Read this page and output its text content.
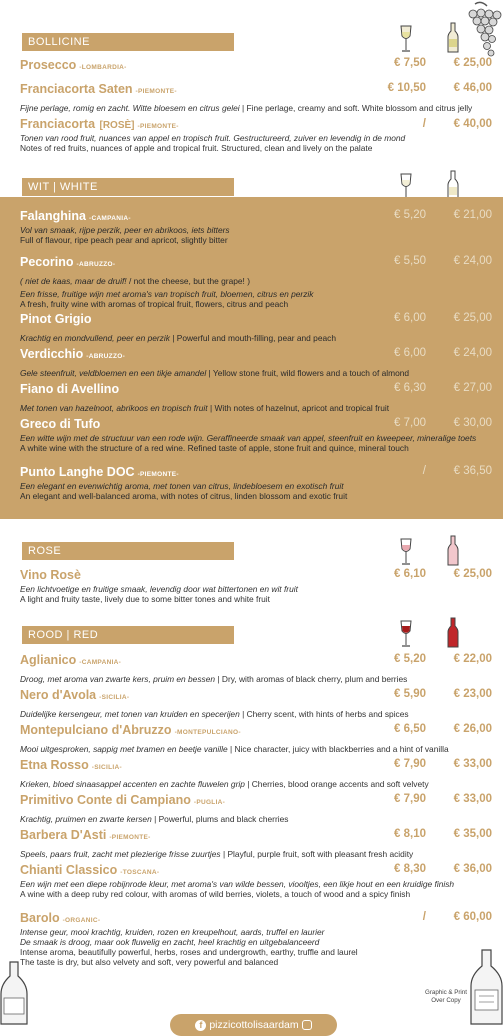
BOLLICINE
Prosecco -LOMBARDIA-	€ 7,50	€ 25,00
Franciacorta Saten -PIEMONTE-
Fijne perlage, romig en zacht. Witte bloesem en citrus gelei | Fine perlage, creamy and soft. White blossom and citrus jelly
€ 10,50	€ 46,00
Franciacorta [ROSÈ] -PIEMONTE-
Tonen van rood fruit, nuances van appel en tropisch fruit. Gestructureerd, zuiver en levendig in de mond
Notes of red fruits, nuances of apple and tropical fruit. Structured, clean and lively on the palate
/	€ 40,00
WIT | WHITE
Falanghina -CAMPANIA-
Vol van smaak, rijpe perzik, peer en abrikoos, iets bitters
Full of flavour, ripe peach pear and apricot, slightly bitter
€ 5,20	€ 21,00
Pecorino -ABRUZZO-
( niet de kaas, maar de druif! / not the cheese, but the grape! )
Een frisse, fruitige wijn met aroma's van tropisch fruit, bloemen, citrus en perzik
A fresh, fruity wine with aromas of tropical fruit, flowers, citrus and peach
€ 5,50	€ 24,00
Pinot Grigio
Krachtig en mondvullend, peer en perzik | Powerful and mouth-filling, pear and peach
€ 6,00	€ 25,00
Verdicchio -ABRUZZO-
Gele steenfruit, veldbloemen en een tikje amandel | Yellow stone fruit, wild flowers and a touch of almond
€ 6,00	€ 24,00
Fiano di Avellino
Met tonen van hazelnoot, abrikoos en tropisch fruit | With notes of hazelnut, apricot and tropical fruit
€ 6,30	€ 27,00
Greco di Tufo
Een witte wijn met de structuur van een rode wijn. Geraffineerde smaak van appel, steenfruit en kweepeer, mineralige toets
A white wine with the structure of a red wine. Refined taste of apple, stone fruit and quince, mineral touch
€ 7,00	€ 30,00
Punto Langhe DOC -PIEMONTE-
Een elegant en evenwichtig aroma, met tonen van citrus, lindebloesem en exotisch fruit
An elegant and well-balanced aroma, with notes of citrus, linden blossom and exotic fruit
/	€ 36,50
ROSE
Vino Rosè
Een lichtvoetige en fruitige smaak, levendig door wat bittertonen en wit fruit
A light and fruity taste, lively due to some bitter tones and white fruit
€ 6,10	€ 25,00
ROOD | RED
Aglianico -CAMPANIA-
Droog, met aroma van zwarte kers, pruim en bessen | Dry, with aromas of black cherry, plum and berries
€ 5,20	€ 22,00
Nero d'Avola -SICILIA-
Duidelijke kersengeur, met tonen van kruiden en specerijen | Cherry scent, with hints of herbs and spices
€ 5,90	€ 23,00
Montepulciano d'Abruzzo -MONTEPULCIANO-
Mooi uitgesproken, sappig met bramen en beetje vanille | Nice character, juicy with blackberries and a hint of vanilla
€ 6,50	€ 26,00
Etna Rosso -SICILIA-
Krieken, bloed sinaasappel accenten en zachte fluwelen grip | Cherries, blood orange accents and soft velvety
€ 7,90	€ 33,00
Primitivo Conte di Campiano -PUGLIA-
Krachtig, pruimen en zwarte kersen | Powerful, plums and black cherries
€ 7,90	€ 33,00
Barbera D'Asti -PIEMONTE-
Speels, paars fruit, zacht met plezierige frisse zuurtjes | Playful, purple fruit, soft with pleasant fresh acidity
€ 8,10	€ 35,00
Chianti Classico -TOSCANA-
Een wijn met een diepe robijnrode kleur, met aroma's van wilde bessen, viooltjes, een likje hout en een kruidige finish
A wine with a deep ruby red colour, with aromas of wild berries, violets, a touch of wood and a spicy finish
€ 8,30	€ 36,00
Barolo -ORGANIC-
Intense geur, mooi krachtig, kruiden, rozen en kreupelhout, aards, truffel en laurier
De smaak is droog, maar ook fluwelig en zacht, heel krachtig en uitgebalanceerd
Intense aroma, beautifully powerful, herbs, roses and undergrowth, earthy, truffle and laurel
The taste is dry, but also velvety and soft, very powerful and balanced
/	€ 60,00
f pizzicottolisaardam
Graphic & Print
Over Copy
